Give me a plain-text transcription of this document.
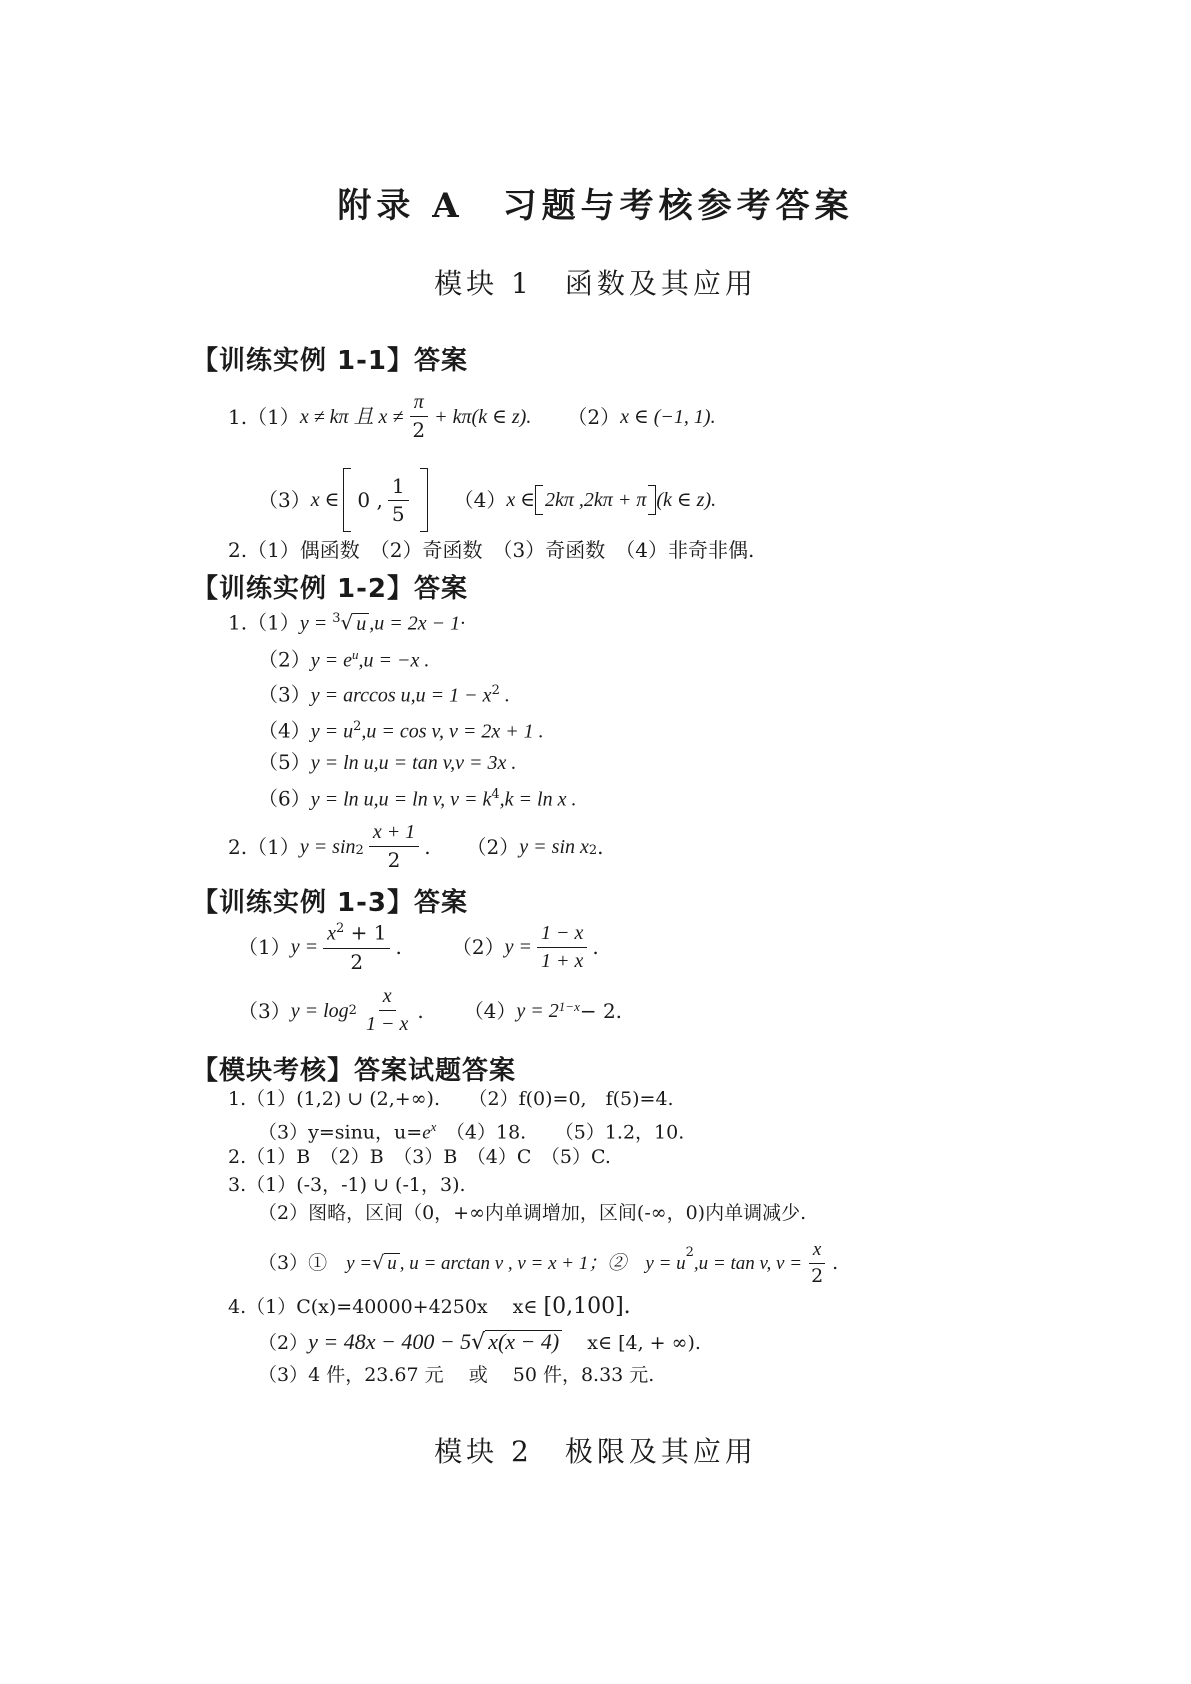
附录 A　习题与考核参考答案
模块 1　函数及其应用
【训练实例 1-1】答案
1.（1） x ≠ kπ 且 $x \ne \frac{\pi}{2} + k\pi(k$ ∈ z). （2） x ∈ (−1, 1).
（3） x ∈ 0 , $\frac{1}{5} (4)$ x ∈ 2kπ ,2kπ + π (k ∈ z).
2.（1）偶函数　（2）奇函数　（3）奇函数　（4）非奇非偶.
【训练实例 1-2】答案
1.（1）y = $^3$√ u ,u = 2x − 1·
$(2)y = e^u,u = -x$ .
$(3)y = \arccos u,u = 1 - x^2$ .
$(4)y = u^2,u = \cos v$, v = 2x + 1 .
（5）y = ln u,u = tan v,v = 3x .
（6）y = ln u,u = ln v, $v = k^4,k = \ln x$ .
2.（1） $y = \sin_2 \frac{x + 1}{2}$ . （2） $y = \sin x_2$ .
【训练实例 1-3】答案
（1） $y = \frac{x^2 + 1}{2}$ .	（2） $y = \frac{1 - x}{1 + x}$ .
（3） $y = \log 2 \frac{x}{1 - x}$ . （4） $y = 2^{1-x} - 2$.
【模块考核】答案试题答案
1.（1）(1,2) ∪ (2,+∞).　　（2）f(0)=0,　f(5)=4.
（3）y=sinu，$u=e^x$　（4）18.　　（5）1.2，10.
2.（1）B　（2）B　（3）B　（4）C　（5）C.
3.（1）(-3，-1) ∪ (-1，3).
（2）图略，区间（0，+∞内单调增加，区间(-∞，0)内单调减少.
（3）①　 y = √ u , u = arctan v , v = x + 1；②　y = u
$^2$
,u = tan v, $v = \frac{x}{2}$ .
4.（1）C(x)=40000+4250x　 x∈ [0,100].
（2）y = 48x − 400 − 5√ x(x − 4)　 x∈ [4, + ∞).
（3）4 件，23.67 元　 或　 50 件，8.33 元.
模块 2　极限及其应用
